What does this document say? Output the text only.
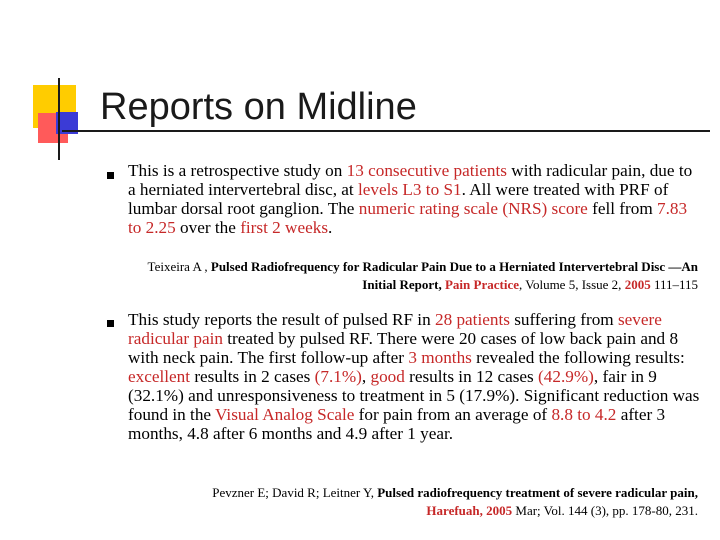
Reports on Midline
This is a retrospective study on 13 consecutive patients with radicular pain, due to a herniated intervertebral disc, at levels L3 to S1. All were treated with PRF of lumbar dorsal root ganglion. The numeric rating scale (NRS) score fell from 7.83 to 2.25 over the first 2 weeks.
Teixeira A , Pulsed Radiofrequency for Radicular Pain Due to a Herniated Intervertebral Disc —An Initial Report, Pain Practice, Volume 5, Issue 2, 2005 111–115
This study reports the result of pulsed RF in 28 patients suffering from severe radicular pain treated by pulsed RF. There were 20 cases of low back pain and 8 with neck pain. The first follow-up after 3 months revealed the following results: excellent results in 2 cases (7.1%), good results in 12 cases (42.9%), fair in 9 (32.1%) and unresponsiveness to treatment in 5 (17.9%). Significant reduction was found in the Visual Analog Scale for pain from an average of 8.8 to 4.2 after 3 months, 4.8 after 6 months and 4.9 after 1 year.
Pevzner E; David R; Leitner Y, Pulsed radiofrequency treatment of severe radicular pain, Harefuah, 2005 Mar; Vol. 144 (3), pp. 178-80, 231.
